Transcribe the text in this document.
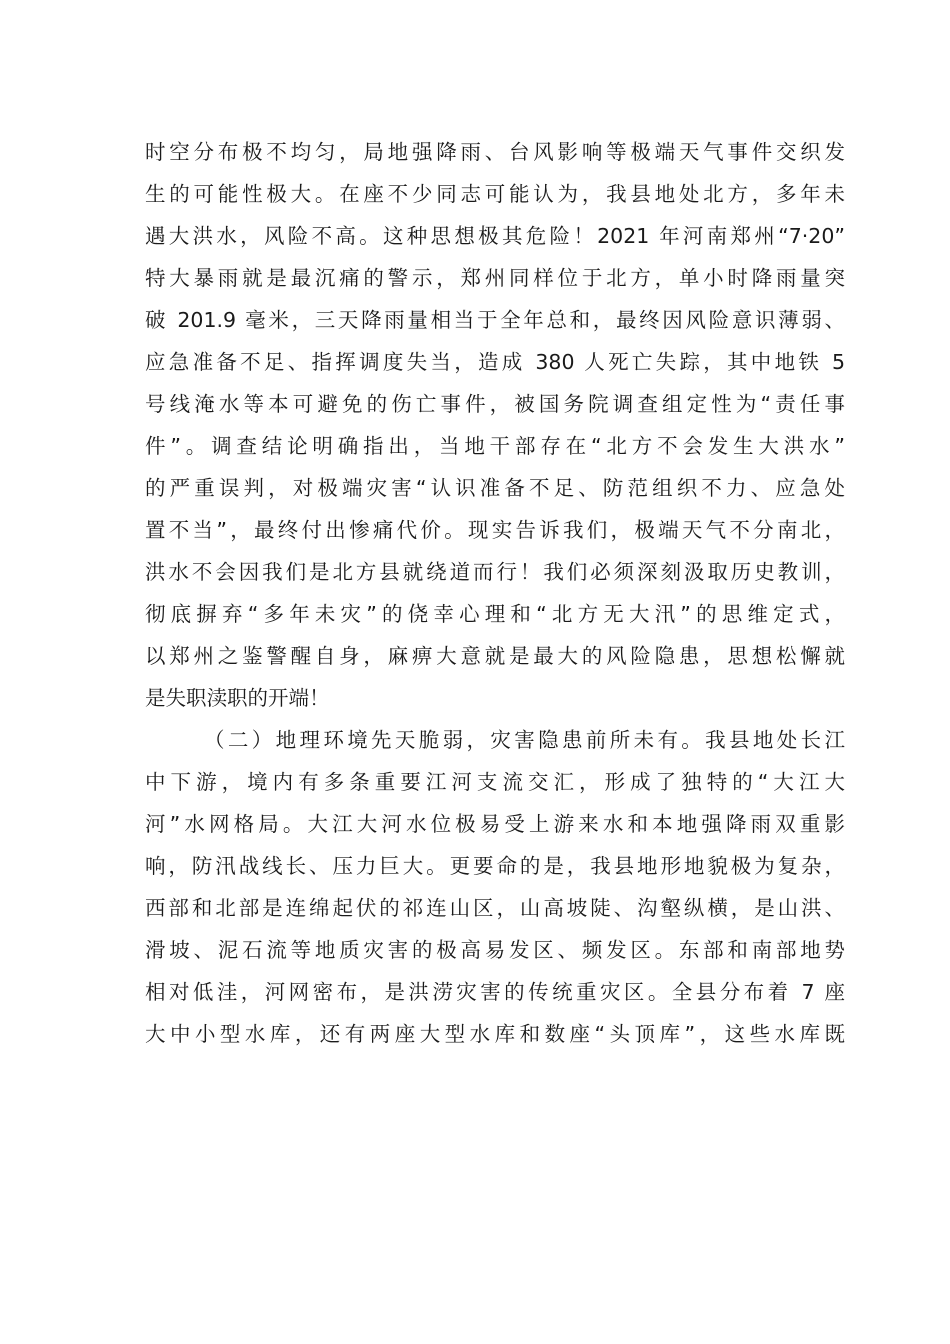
时空分布极不均匀，局地强降雨、台风影响等极端天气事件交织发
生的可能性极大。在座不少同志可能认为，我县地处北方，多年未
遇大洪水，风险不高。这种思想极其危险！2021 年河南郑州“7·20”
特大暴雨就是最沉痛的警示，郑州同样位于北方，单小时降雨量突
破 201.9 毫米，三天降雨量相当于全年总和，最终因风险意识薄弱、
应急准备不足、指挥调度失当，造成 380 人死亡失踪，其中地铁 5
号线淹水等本可避免的伤亡事件，被国务院调查组定性为“责任事
件”。调查结论明确指出，当地干部存在“北方不会发生大洪水”
的严重误判，对极端灾害“认识准备不足、防范组织不力、应急处
置不当”，最终付出惨痛代价。现实告诉我们，极端天气不分南北，
洪水不会因我们是北方县就绕道而行！我们必须深刻汲取历史教训，
彻底摒弃“多年未灾”的侥幸心理和“北方无大汛”的思维定式，
以郑州之鉴警醒自身，麻痹大意就是最大的风险隐患，思想松懈就
是失职渎职的开端！
（二）地理环境先天脆弱，灾害隐患前所未有。我县地处长江
中下游，境内有多条重要江河支流交汇，形成了独特的“大江大
河”水网格局。大江大河水位极易受上游来水和本地强降雨双重影
响，防汛战线长、压力巨大。更要命的是，我县地形地貌极为复杂，
西部和北部是连绵起伏的祁连山区，山高坡陡、沟壑纵横，是山洪、
滑坡、泥石流等地质灾害的极高易发区、频发区。东部和南部地势
相对低洼，河网密布，是洪涝灾害的传统重灾区。全县分布着 7 座
大中小型水库，还有两座大型水库和数座“头顶库”，这些水库既
